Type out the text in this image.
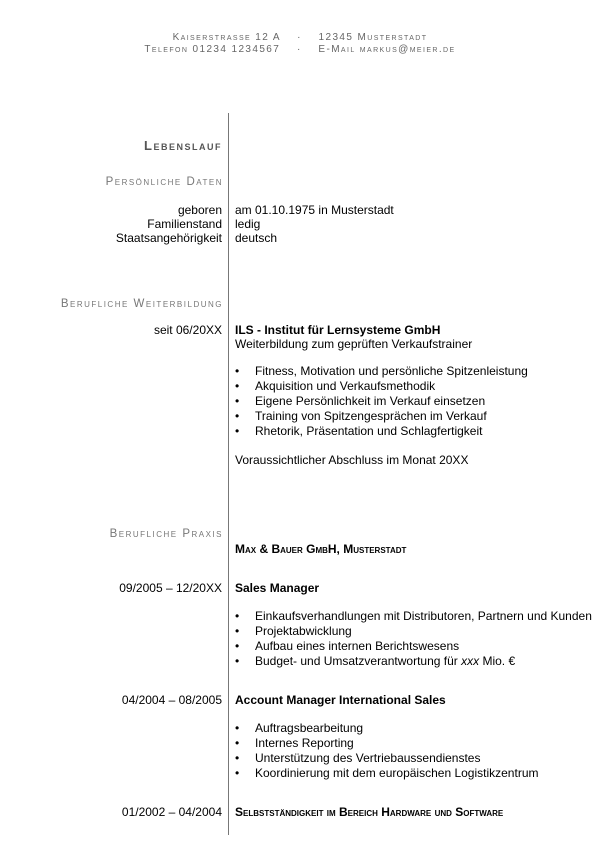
Kaiserstrasse 12 A    ·    12345 Musterstadt
Telefon 01234 1234567    ·    E-Mail markus@meier.de
Lebenslauf
Persönliche Daten
geboren am 01.10.1975 in Musterstadt
Familienstand ledig
Staatsangehörigkeit deutsch
Berufliche Weiterbildung
seit 06/20XX ILS - Institut für Lernsysteme GmbH
Weiterbildung zum geprüften Verkaufstrainer
• Fitness, Motivation und persönliche Spitzenleistung
• Akquisition und Verkaufsmethodik
• Eigene Persönlichkeit im Verkauf einsetzen
• Training von Spitzengesprächen im Verkauf
• Rhetorik, Präsentation und Schlagfertigkeit
Voraussichtlicher Abschluss im Monat 20XX
Berufliche Praxis
Max & Bauer GmbH, Musterstadt
09/2005 – 12/20XX Sales Manager
• Einkaufsverhandlungen mit Distributoren, Partnern und Kunden
• Projektabwicklung
• Aufbau eines internen Berichtswesens
• Budget- und Umsatzverantwortung für xxx Mio. €
04/2004 – 08/2005 Account Manager International Sales
• Auftragsbearbeitung
• Internes Reporting
• Unterstützung des Vertriebaussendienstes
• Koordinierung mit dem europäischen Logistikzentrum
01/2002 – 04/2004 Selbstständigkeit im Bereich Hardware und Software
